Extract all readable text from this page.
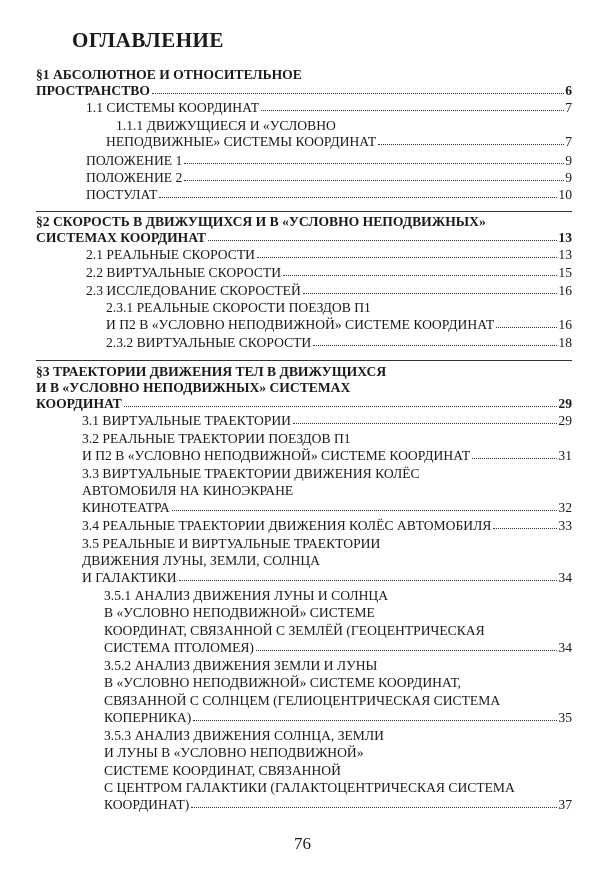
ОГЛАВЛЕНИЕ
76
§1 АБСОЛЮТНОЕ И ОТНОСИТЕЛЬНОЕ
ПРОСТРАНСТВО	6
1.1 СИСТЕМЫ КООРДИНАТ	7
1.1.1 ДВИЖУЩИЕСЯ И «УСЛОВНО
НЕПОДВИЖНЫЕ» СИСТЕМЫ КООРДИНАТ	7
ПОЛОЖЕНИЕ 1	9
ПОЛОЖЕНИЕ 2	9
ПОСТУЛАТ	10
§2 СКОРОСТЬ В ДВИЖУЩИХСЯ И В «УСЛОВНО НЕПОДВИЖНЫХ»
СИСТЕМАХ КООРДИНАТ	13
2.1 РЕАЛЬНЫЕ СКОРОСТИ	13
2.2 ВИРТУАЛЬНЫЕ СКОРОСТИ	15
2.3 ИССЛЕДОВАНИЕ СКОРОСТЕЙ	16
2.3.1 РЕАЛЬНЫЕ СКОРОСТИ ПОЕЗДОВ П1
И П2 В «УСЛОВНО НЕПОДВИЖНОЙ» СИСТЕМЕ КООРДИНАТ	16
2.3.2 ВИРТУАЛЬНЫЕ СКОРОСТИ	18
§3 ТРАЕКТОРИИ ДВИЖЕНИЯ ТЕЛ В ДВИЖУЩИХСЯ
И В «УСЛОВНО НЕПОДВИЖНЫХ» СИСТЕМАХ
КООРДИНАТ	29
3.1 ВИРТУАЛЬНЫЕ ТРАЕКТОРИИ	29
3.2 РЕАЛЬНЫЕ ТРАЕКТОРИИ ПОЕЗДОВ П1
И П2 В «УСЛОВНО НЕПОДВИЖНОЙ» СИСТЕМЕ КООРДИНАТ	31
3.3 ВИРТУАЛЬНЫЕ ТРАЕКТОРИИ ДВИЖЕНИЯ КОЛЁС
АВТОМОБИЛЯ НА КИНОЭКРАНЕ
КИНОТЕАТРА	32
3.4 РЕАЛЬНЫЕ ТРАЕКТОРИИ ДВИЖЕНИЯ КОЛЁС АВТОМОБИЛЯ	33
3.5 РЕАЛЬНЫЕ И ВИРТУАЛЬНЫЕ ТРАЕКТОРИИ
ДВИЖЕНИЯ ЛУНЫ, ЗЕМЛИ, СОЛНЦА
И ГАЛАКТИКИ	34
3.5.1 АНАЛИЗ ДВИЖЕНИЯ ЛУНЫ И СОЛНЦА
В «УСЛОВНО НЕПОДВИЖНОЙ» СИСТЕМЕ
КООРДИНАТ, СВЯЗАННОЙ С ЗЕМЛЁЙ (ГЕОЦЕНТРИЧЕСКАЯ
СИСТЕМА ПТОЛОМЕЯ)	34
3.5.2 АНАЛИЗ ДВИЖЕНИЯ ЗЕМЛИ И ЛУНЫ
В «УСЛОВНО НЕПОДВИЖНОЙ» СИСТЕМЕ КООРДИНАТ,
СВЯЗАННОЙ С СОЛНЦЕМ (ГЕЛИОЦЕНТРИЧЕСКАЯ СИСТЕМА
КОПЕРНИКА)	35
3.5.3 АНАЛИЗ ДВИЖЕНИЯ СОЛНЦА, ЗЕМЛИ
И ЛУНЫ В «УСЛОВНО НЕПОДВИЖНОЙ»
СИСТЕМЕ КООРДИНАТ, СВЯЗАННОЙ
С ЦЕНТРОМ ГАЛАКТИКИ (ГАЛАКТОЦЕНТРИЧЕСКАЯ СИСТЕМА
КООРДИНАТ)	37
